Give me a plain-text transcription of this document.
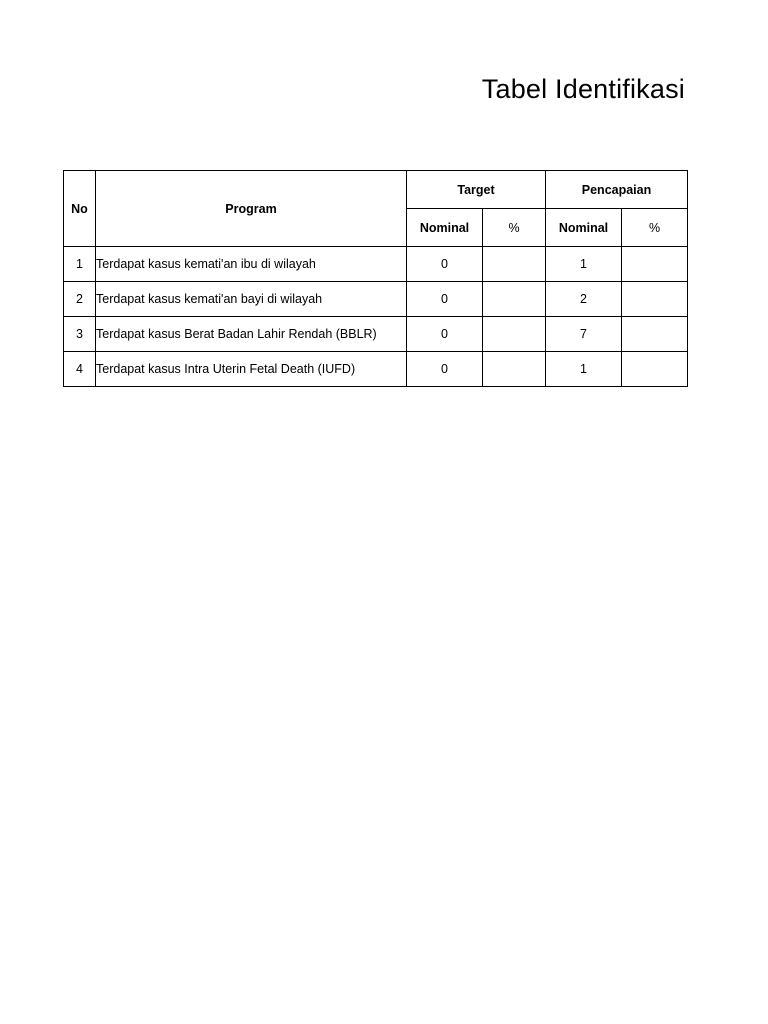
Tabel Identifikasi
No	Program	Target		Pencapaian	
		Nominal	%	Nominal	%
1	Terdapat kasus kemati'an ibu di wilayah	0		1	
2	Terdapat kasus kemati'an bayi di wilayah	0		2	
3	Terdapat kasus Berat Badan Lahir Rendah (BBLR)	0		7	
4	Terdapat kasus Intra Uterin Fetal Death (IUFD)	0		1	
